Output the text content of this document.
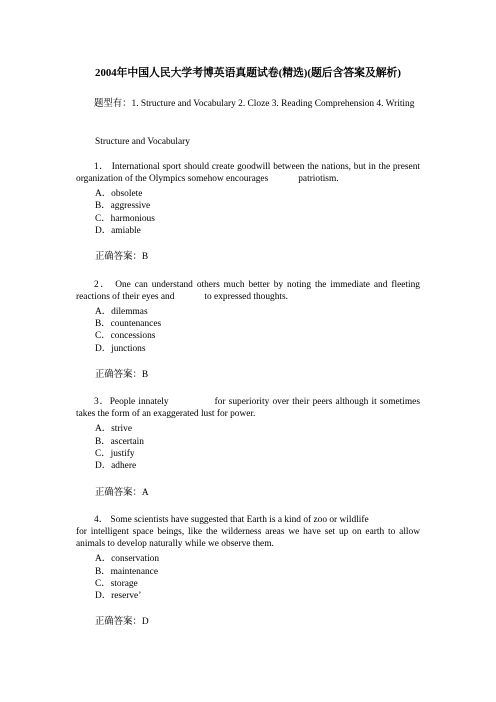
2004年中国人民大学考博英语真题试卷(精选)(题后含答案及解析)
题型有：1. Structure and Vocabulary 2. Cloze 3. Reading Comprehension 4. Writing
Structure and Vocabulary
1． International sport should create goodwill between the nations, but in the present organization of the Olympics somehow encourages	patriotism.
A．obsolete
B．aggressive
C．harmonious
D．amiable
正确答案：B
2． One can understand others much better by noting the immediate and fleeting reactions of their eyes and	to expressed thoughts.
A．dilemmas
B．countenances
C．concessions
D．junctions
正确答案：B
3．People innately	for superiority over their peers although it sometimes takes the form of an exaggerated lust for power.
A．strive
B．ascertain
C．justify
D．adhere
正确答案：A
4． Some scientists have suggested that Earth is a kind of zoo or wildlife
for intelligent space beings, like the wilderness areas we have set up on earth to allow animals to develop naturally while we observe them.
A．conservation
B．maintenance
C．storage
D．reserve’
正确答案：D
